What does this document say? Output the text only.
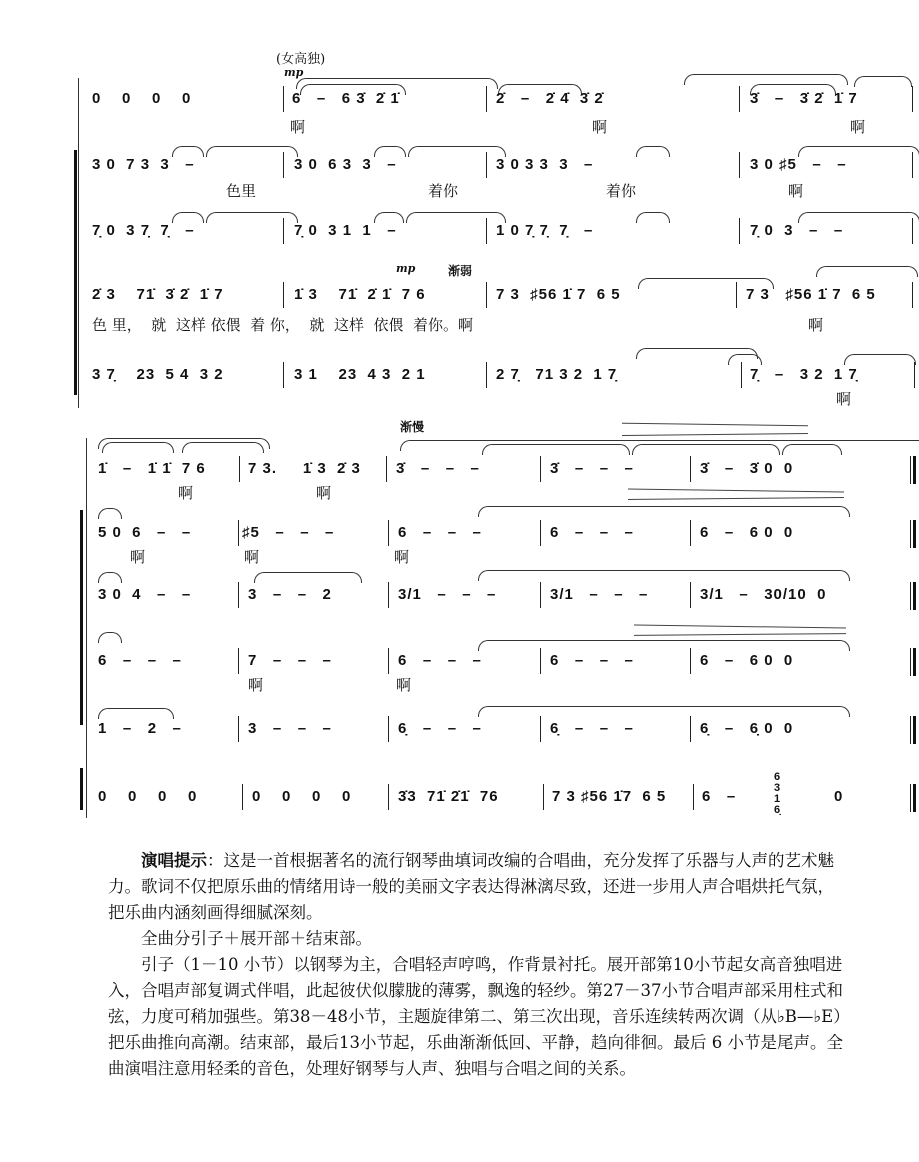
(女高独)
mp
0    0    0    0	6   –   6 3̇  2̇ 1̇	2̇   –   2̇ 4̇  3̇ 2̇	3̇   –   3̇ 2̇  1̇ 7
啊	啊	啊
3 0  7 3  3   –	3 0  6 3  3   –	3 0 3 3  3   –	3 0 ♯5   –   –
色里	着你	着你	啊
7̣ 0  3 7̣  7̣   –	7̣ 0  3 1  1   –	1 0 7̣ 7̣  7̣   –	7̣ 0  3   –   –
mp	渐弱
2̇ 3    71̇  3̇ 2̇  1̇ 7	1̇ 3    71̇  2̇ 1̇  7 6	7 3  ♯56 1̇ 7  6 5	7 3   ♯56 1̇ 7  6 5
色 里，  就  这样 依偎  着 你，  就  这样  依偎  着你。啊	啊
3 7̣    23  5 4  3 2	3 1    23  4 3  2 1	2 7̣   71 3 2  1 7̣	7̣   –   3 2  1 7̣
啊
渐慢
1̇   –   1̇ 1̇  7 6	7 3.     1̇ 3  2̇ 3 3̇   –   –   –	3̇   –   –   –	3̇   –   3̇ 0  0
啊	啊
5 0  6   –   –	♯5   –   –   –	6   –   –   –	6   –   –   –	6   –   6 0  0
啊	啊	啊
3 0  4   –   –	3   –   –   2	3/1   –   –   –	3/1   –   –   –	3/1   –   30/10  0
6   –   –   –	7   –   –   –	6   –   –   –	6   –   –   –	6   –   6 0  0
啊	啊
1   –   2   –	3   –   –   –	6̣   –   –   –	6̣   –   –   –	6̣   –   6̣ 0  0
0    0    0    0	0    0    0    0	3̇3  71̇ 2̇1̇  76	7 3 ♯56 1̇7  6 5 6   –	0
6
3
1
6̣

演唱提示：这是一首根据著名的流行钢琴曲填词改编的合唱曲，充分发挥了乐器与人声的艺术魅力。歌词不仅把原乐曲的情绪用诗一般的美丽文字表达得淋漓尽致，还进一步用人声合唱烘托气氛，把乐曲内涵刻画得细腻深刻。

全曲分引子＋展开部＋结束部。

引子（1－10 小节）以钢琴为主，合唱轻声哼鸣，作背景衬托。展开部第10小节起女高音独唱进入，合唱声部复调式伴唱，此起彼伏似朦胧的薄雾，飘逸的轻纱。第27－37小节合唱声部采用柱式和弦，力度可稍加强些。第38－48小节，主题旋律第二、第三次出现，音乐连续转两次调（从♭B—♭E）把乐曲推向高潮。结束部，最后13小节起，乐曲渐渐低回、平静，趋向徘徊。最后 6 小节是尾声。全曲演唱注意用轻柔的音色，处理好钢琴与人声、独唱与合唱之间的关系。
